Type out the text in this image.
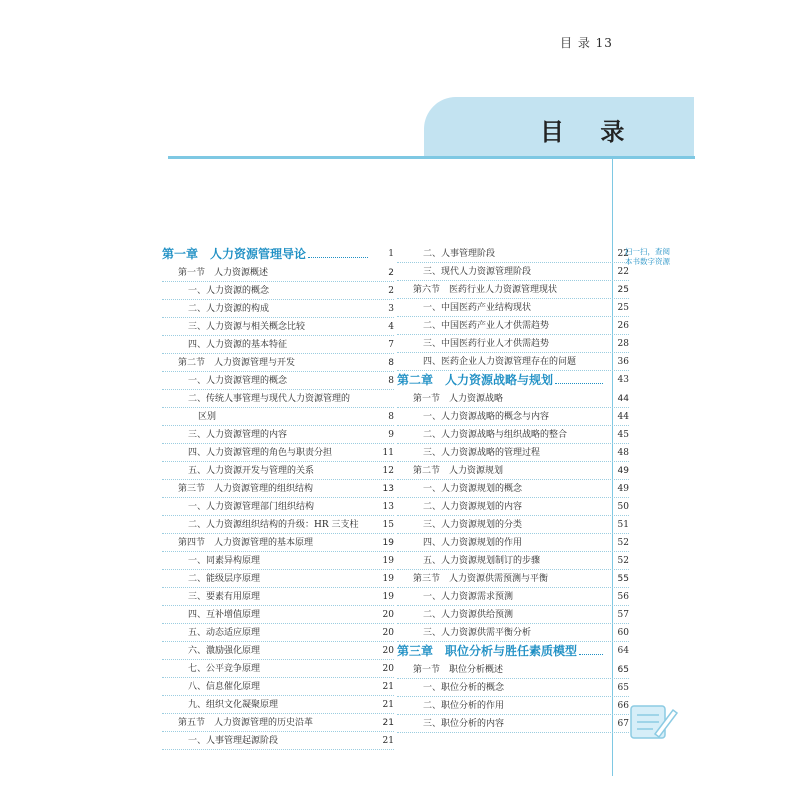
目 录 13
目 录
第一章　人力资源管理导论	1
第一节　人力资源概述	2
一、人力资源的概念	2
二、人力资源的构成	3
三、人力资源与相关概念比较	4
四、人力资源的基本特征	7
第二节　人力资源管理与开发	8
一、人力资源管理的概念	8
二、传统人事管理与现代人力资源管理的
区别	8
三、人力资源管理的内容	9
四、人力资源管理的角色与职责分担	11
五、人力资源开发与管理的关系	12
第三节　人力资源管理的组织结构	13
一、人力资源管理部门组织结构	13
二、人力资源组织结构的升级：HR 三支柱	15
第四节　人力资源管理的基本原理	19
一、同素异构原理	19
二、能级层序原理	19
三、要素有用原理	19
四、互补增值原理	20
五、动态适应原理	20
六、激励强化原理	20
七、公平竞争原理	20
八、信息催化原理	21
九、组织文化凝聚原理	21
第五节　人力资源管理的历史沿革	21
一、人事管理起源阶段	21
二、人事管理阶段	22
三、现代人力资源管理阶段	22
第六节　医药行业人力资源管理现状	25
一、中国医药产业结构现状	25
二、中国医药产业人才供需趋势	26
三、中国医药行业人才供需趋势	28
四、医药企业人力资源管理存在的问题	36
第二章　人力资源战略与规划	43
第一节　人力资源战略	44
一、人力资源战略的概念与内容	44
二、人力资源战略与组织战略的整合	45
三、人力资源战略的管理过程	48
第二节　人力资源规划	49
一、人力资源规划的概念	49
二、人力资源规划的内容	50
三、人力资源规划的分类	51
四、人力资源规划的作用	52
五、人力资源规划制订的步骤	52
第三节　人力资源供需预测与平衡	55
一、人力资源需求预测	56
二、人力资源供给预测	57
三、人力资源供需平衡分析	60
第三章　职位分析与胜任素质模型	64
第一节　职位分析概述	65
一、职位分析的概念	65
二、职位分析的作用	66
三、职位分析的内容	67
扫一扫，查阅本书数字资源
